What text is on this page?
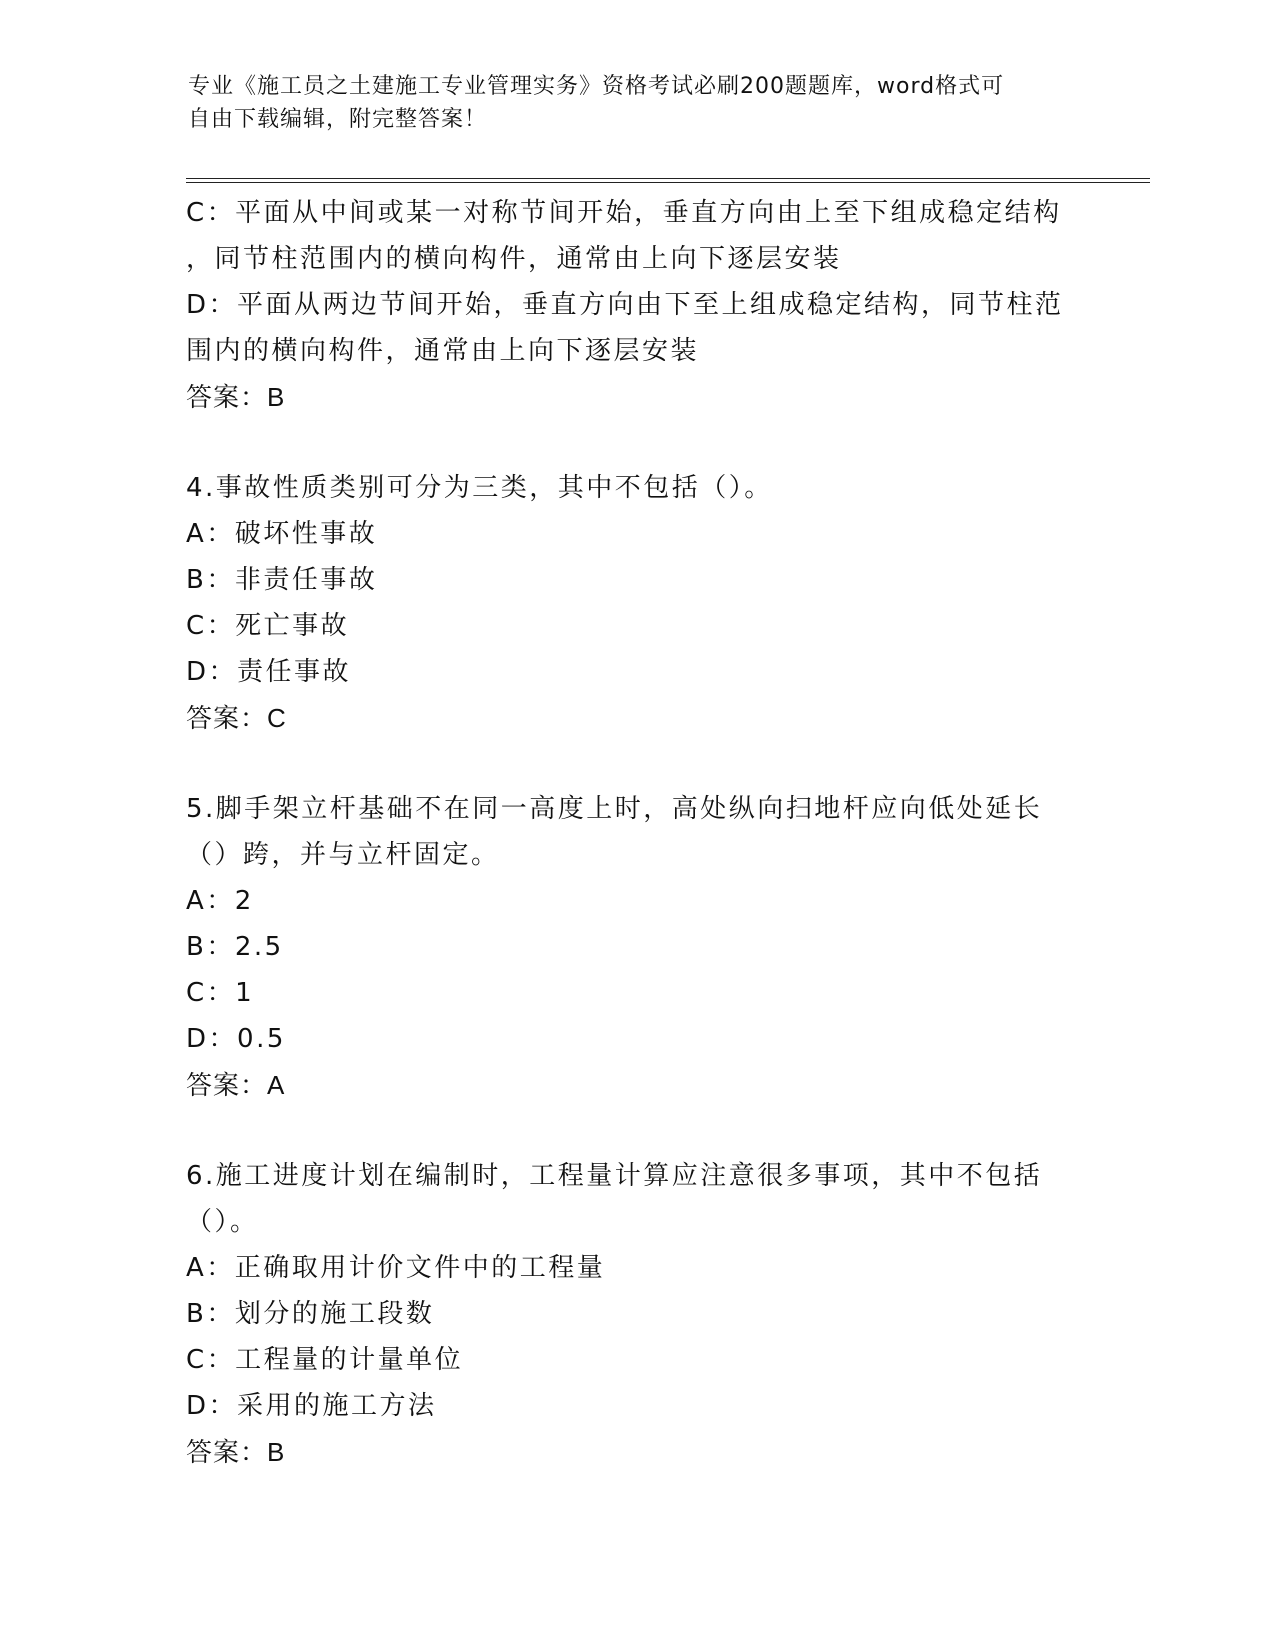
专业《施工员之土建施工专业管理实务》资格考试必刷200题题库，word格式可
自由下载编辑，附完整答案！
C：平面从中间或某一对称节间开始，垂直方向由上至下组成稳定结构
，同节柱范围内的横向构件，通常由上向下逐层安装
D：平面从两边节间开始，垂直方向由下至上组成稳定结构，同节柱范
围内的横向构件，通常由上向下逐层安装
答案：B
4.事故性质类别可分为三类，其中不包括（）。
A：破坏性事故
B：非责任事故
C：死亡事故
D：责任事故
答案：C
5.脚手架立杆基础不在同一高度上时，高处纵向扫地杆应向低处延长
（）跨，并与立杆固定。
A：2
B：2.5
C：1
D：0.5
答案：A
6.施工进度计划在编制时，工程量计算应注意很多事项，其中不包括
（）。
A：正确取用计价文件中的工程量
B：划分的施工段数
C：工程量的计量单位
D：采用的施工方法
答案：B
